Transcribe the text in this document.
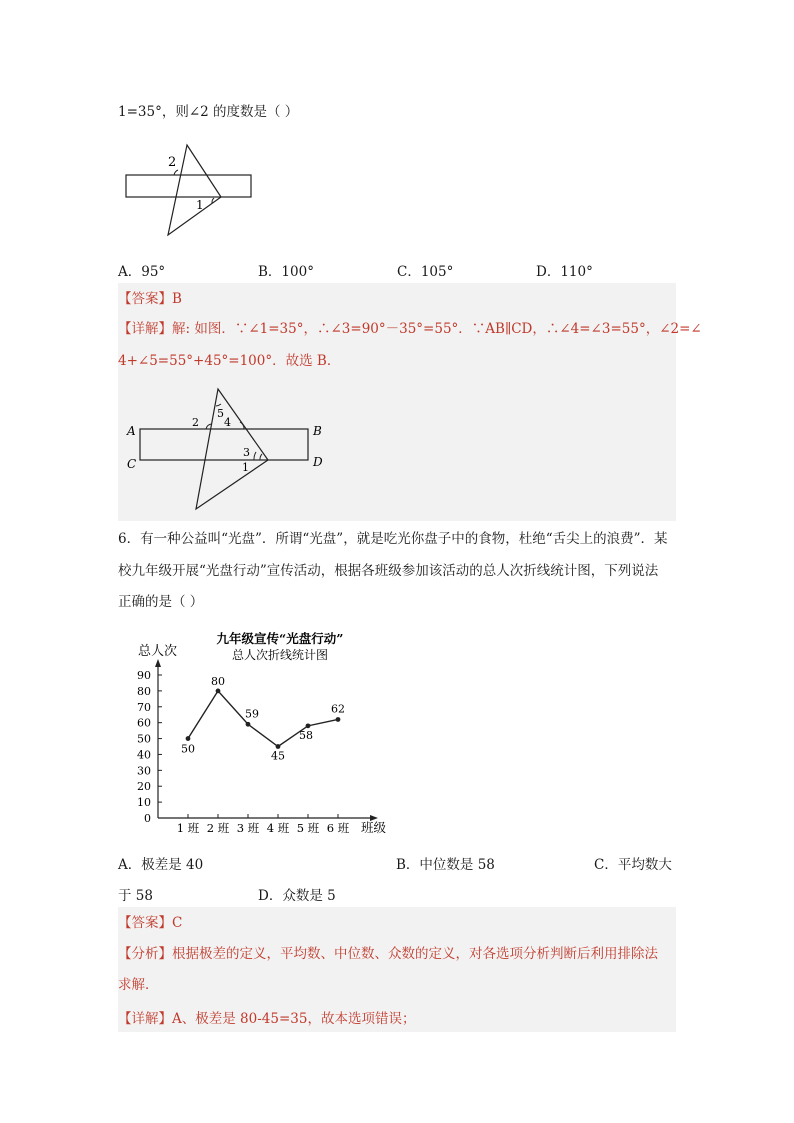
1=35°，则∠2 的度数是（ ）
2
1
A．95°	B．100°	C．105°	D．110°
【答案】B
【详解】解: 如图．∵∠1=35°，∴∠3=90°－35°=55°．∵AB∥CD，∴∠4=∠3=55°，∠2=∠
4+∠5=55°+45°=100°．故选 B．
A	B
C	D
2
5
4
3
1
6．有一种公益叫“光盘”．所谓“光盘”，就是吃光你盘子中的食物，杜绝“舌尖上的浪费”．某
校九年级开展“光盘行动”宣传活动，根据各班级参加该活动的总人次折线统计图，下列说法
正确的是（ ）
九年级宣传“光盘行动”
总人次折线统计图
总人次
班级
0
10
20
30
40
50
60
70
80
90
1 班 2 班 3 班 4 班 5 班 6 班
50
80
59
45
58
62
A．极差是 40	B．中位数是 58	C．平均数大
于 58	D．众数是 5
【答案】C
【分析】根据极差的定义，平均数、中位数、众数的定义，对各选项分析判断后利用排除法
求解．
【详解】A、极差是 80-45=35，故本选项错误；
